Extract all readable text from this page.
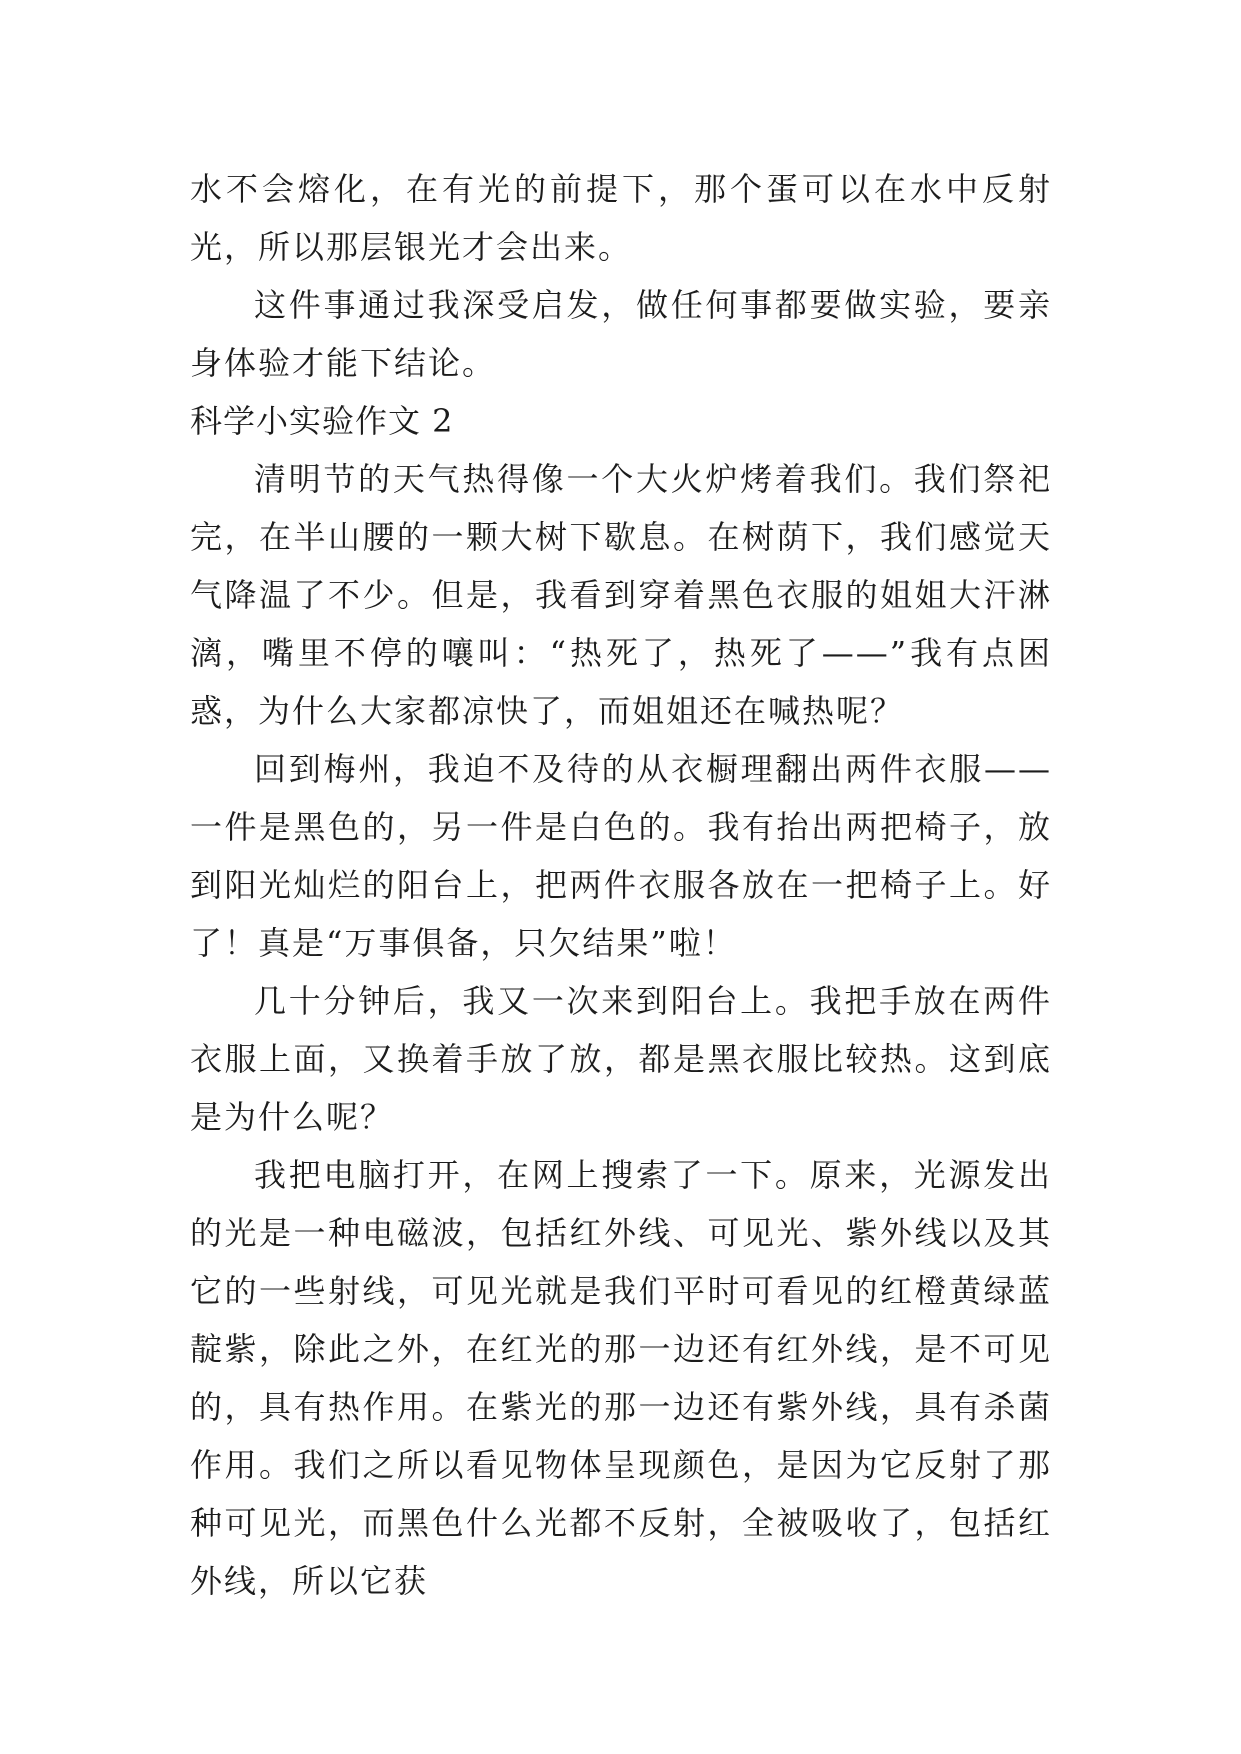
水不会熔化，在有光的前提下，那个蛋可以在水中反射光，所以那层银光才会出来。

这件事通过我深受启发，做任何事都要做实验，要亲身体验才能下结论。

科学小实验作文 2

清明节的天气热得像一个大火炉烤着我们。我们祭祀完，在半山腰的一颗大树下歇息。在树荫下，我们感觉天气降温了不少。但是，我看到穿着黑色衣服的姐姐大汗淋漓，嘴里不停的嚷叫：“热死了，热死了——”我有点困惑，为什么大家都凉快了，而姐姐还在喊热呢？

回到梅州，我迫不及待的从衣橱理翻出两件衣服——一件是黑色的，另一件是白色的。我有抬出两把椅子，放到阳光灿烂的阳台上，把两件衣服各放在一把椅子上。好了！真是“万事俱备，只欠结果”啦！

几十分钟后，我又一次来到阳台上。我把手放在两件衣服上面，又换着手放了放，都是黑衣服比较热。这到底是为什么呢？

我把电脑打开，在网上搜索了一下。原来，光源发出的光是一种电磁波，包括红外线、可见光、紫外线以及其它的一些射线，可见光就是我们平时可看见的红橙黄绿蓝靛紫，除此之外，在红光的那一边还有红外线，是不可见的，具有热作用。在紫光的那一边还有紫外线，具有杀菌作用。我们之所以看见物体呈现颜色，是因为它反射了那种可见光，而黑色什么光都不反射，全被吸收了，包括红外线，所以它获
